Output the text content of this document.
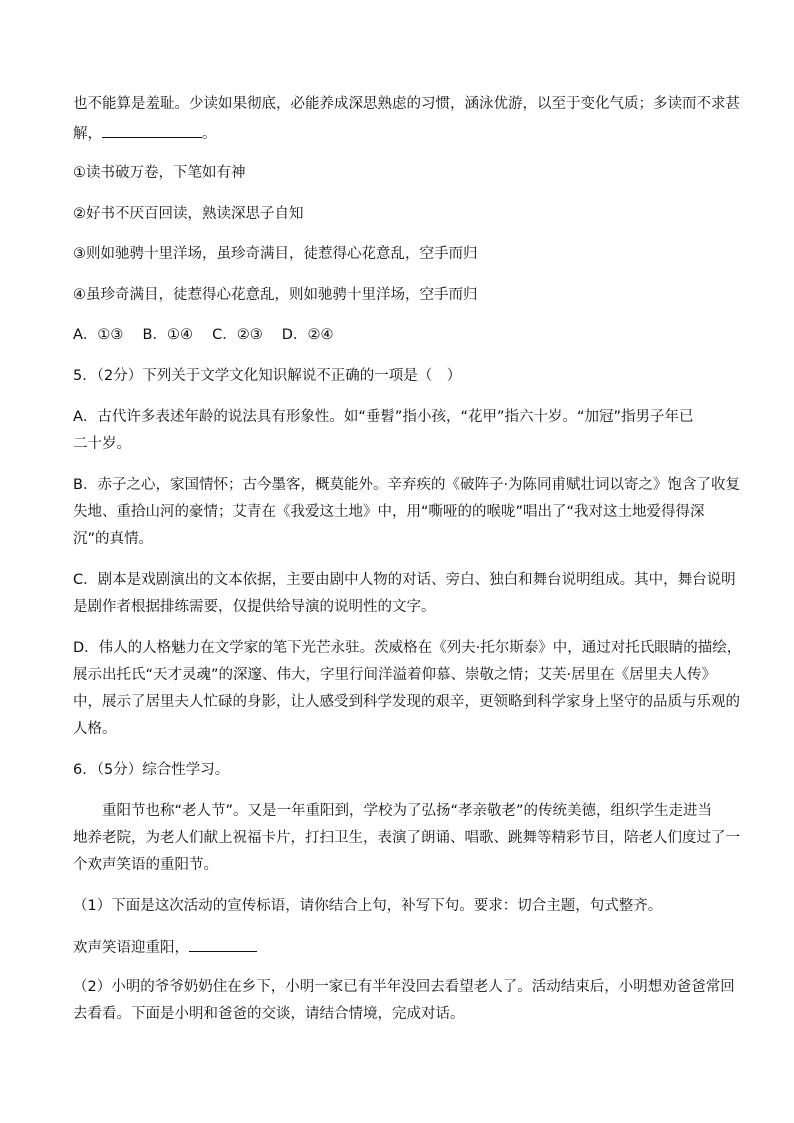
也不能算是羞耻。少读如果彻底，必能养成深思熟虑的习惯，涵泳优游，以至于变化气质；多读而不求甚
解，	。
①读书破万卷，下笔如有神
②好书不厌百回读，熟读深思子自知
③则如驰骋十里洋场，虽珍奇满目，徒惹得心花意乱，空手而归
④虽珍奇满目，徒惹得心花意乱，则如驰骋十里洋场，空手而归
A．①③　 B．①④　 C．②③　 D．②④
5．（2分）下列关于文学文化知识解说不正确的一项是（　）
A．古代许多表述年龄的说法具有形象性。如“垂髫”指小孩，“花甲”指六十岁。“加冠”指男子年已
二十岁。
B．赤子之心，家国情怀；古今墨客，概莫能外。辛弃疾的《破阵子·为陈同甫赋壮词以寄之》饱含了收复
失地、重拾山河的豪情；艾青在《我爱这土地》中，用“嘶哑的的喉咙”唱出了“我对这土地爱得得深
沉”的真情。
C．剧本是戏剧演出的文本依据，主要由剧中人物的对话、旁白、独白和舞台说明组成。其中，舞台说明
是剧作者根据排练需要，仅提供给导演的说明性的文字。
D．伟人的人格魅力在文学家的笔下光芒永驻。茨威格在《列夫·托尔斯泰》中，通过对托氏眼睛的描绘，
展示出托氏“天才灵魂”的深邃、伟大，字里行间洋溢着仰慕、崇敬之情；艾芙·居里在《居里夫人传》
中，展示了居里夫人忙碌的身影，让人感受到科学发现的艰辛，更领略到科学家身上坚守的品质与乐观的
人格。
6．（5分）综合性学习。
　　重阳节也称“老人节”。又是一年重阳到，学校为了弘扬“孝亲敬老”的传统美德，组织学生走进当
地养老院，为老人们献上祝福卡片，打扫卫生，表演了朗诵、唱歌、跳舞等精彩节目，陪老人们度过了一
个欢声笑语的重阳节。
（1）下面是这次活动的宣传标语，请你结合上句，补写下句。要求：切合主题，句式整齐。
欢声笑语迎重阳，
（2）小明的爷爷奶奶住在乡下，小明一家已有半年没回去看望老人了。活动结束后，小明想劝爸爸常回
去看看。下面是小明和爸爸的交谈，请结合情境，完成对话。
